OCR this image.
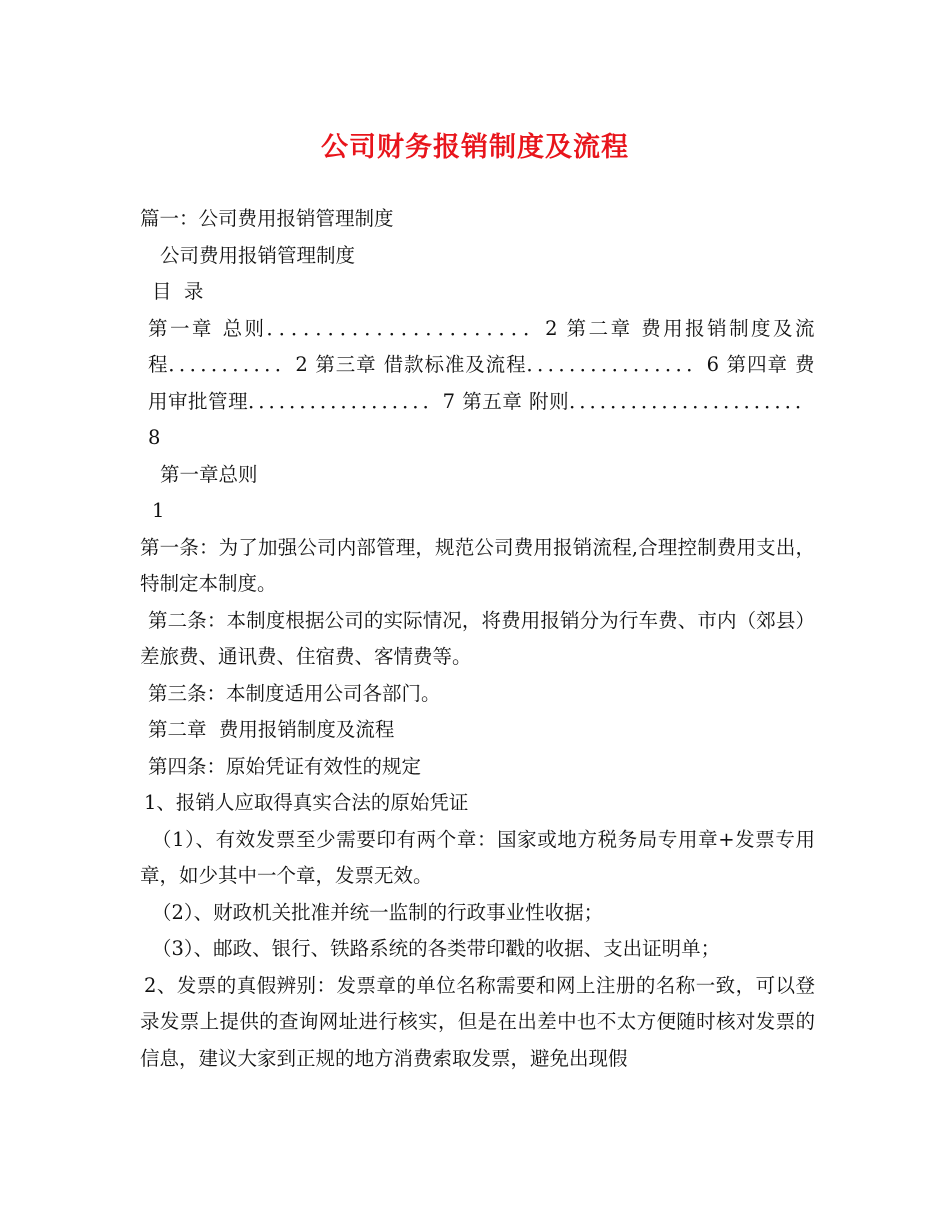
公司财务报销制度及流程
篇一：公司费用报销管理制度
公司费用报销管理制度
目  录
第一章 总则．．．．．．．．．．．．．．．．．．．．．．2 第二章 费用报销制度及流程．．．．．．．．．．．2 第三章 借款标准及流程．．．．．．．．．．．．．．．．6 第四章 费用审批管理．．．．．．．．．．．．．．．．．．7 第五章 附则．．．．．．．．．．．．．．．．．．．．．．．8
第一章总则
1
第一条：为了加强公司内部管理，规范公司费用报销流程,合理控制费用支出，特制定本制度。
第二条：本制度根据公司的实际情况，将费用报销分为行车费、市内（郊县）差旅费、通讯费、住宿费、客情费等。
第三条：本制度适用公司各部门。
第二章  费用报销制度及流程
第四条：原始凭证有效性的规定
1、报销人应取得真实合法的原始凭证
（1）、有效发票至少需要印有两个章：国家或地方税务局专用章+发票专用章，如少其中一个章，发票无效。
（2）、财政机关批准并统一监制的行政事业性收据；
（3）、邮政、银行、铁路系统的各类带印戳的收据、支出证明单；
2、发票的真假辨别：发票章的单位名称需要和网上注册的名称一致，可以登录发票上提供的查询网址进行核实，但是在出差中也不太方便随时核对发票的信息，建议大家到正规的地方消费索取发票，避免出现假
